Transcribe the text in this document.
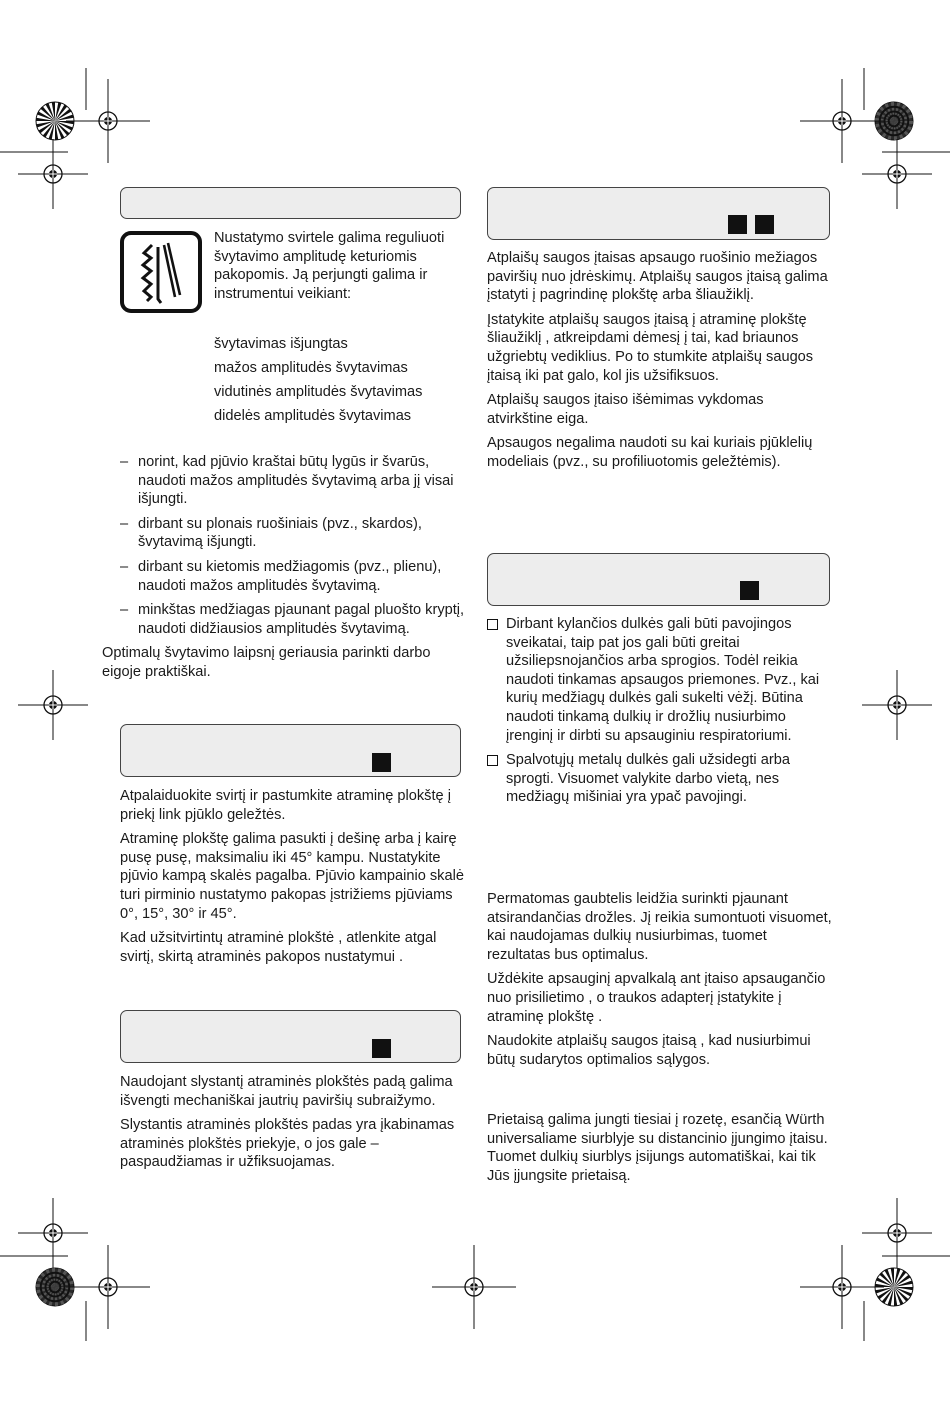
Nustatymo svirtele galima reguliuoti švytavimo amplitudę keturiomis pakopomis. Ją perjungti galima ir instrumentui veikiant:

švytavimas išjungtas
mažos amplitudės švytavimas
vidutinės amplitudės švytavimas
didelės amplitudės švytavimas
– norint, kad pjūvio kraštai būtų lygūs ir švarūs, naudoti mažos amplitudės švytavimą arba jį visai išjungti.
– dirbant su plonais ruošiniais (pvz., skardos), švytavimą išjungti.
– dirbant su kietomis medžiagomis (pvz., plienu), naudoti mažos amplitudės švytavimą.
– minkštas medžiagas pjaunant pagal pluošto kryptį, naudoti didžiausios amplitudės švytavimą.

Optimalų švytavimo laipsnį geriausia parinkti darbo eigoje praktiškai.

Atpalaiduokite svirtį ir pastumkite atraminę plokštę į priekį link pjūklo geležtės.

Atraminę plokštę galima pasukti į dešinę arba į kairę pusę pusę, maksimaliu iki 45° kampu. Nustatykite pjūvio kampą skalės pagalba. Pjūvio kampainio skalė turi pirminio nustatymo pakopas įstrižiems pjūviams 0°, 15°, 30° ir 45°.

Kad užsitvirtintų atraminė plokštė , atlenkite atgal svirtį, skirtą atraminės pakopos nustatymui .

Naudojant slystantį atraminės plokštės padą galima išvengti mechaniškai jautrių paviršių subraižymo.

Slystantis atraminės plokštės padas yra įkabinamas atraminės plokštės priekyje, o jos gale – paspaudžiamas ir užfiksuojamas.

Atplaišų saugos įtaisas apsaugo ruošinio mežiagos paviršių nuo įdrėskimų. Atplaišų saugos įtaisą galima įstatyti į pagrindinę plokštę arba šliaužiklį.

Įstatykite atplaišų saugos įtaisą į atraminę plokštę šliaužiklį , atkreipdami dėmesį į tai, kad briaunos užgriebtų vediklius. Po to stumkite atplaišų saugos įtaisą iki pat galo, kol jis užsifiksuos.

Atplaišų saugos įtaiso išėmimas vykdomas atvirkštine eiga.

Apsaugos negalima naudoti su kai kuriais pjūklelių modeliais (pvz., su profiliuotomis geležtėmis).

Dirbant kylančios dulkės gali būti pavojingos sveikatai, taip pat jos gali būti greitai užsiliepsnojančios arba sprogios. Todėl reikia naudoti tinkamas apsaugos priemones. Pvz., kai kurių medžiagų dulkės gali sukelti vėžį. Būtina naudoti tinkamą dulkių ir drožlių nusiurbimo įrenginį ir dirbti su apsauginiu respiratoriumi.
Spalvotųjų metalų dulkės gali užsidegti arba sprogti. Visuomet valykite darbo vietą, nes medžiagų mišiniai yra ypač pavojingi.

Permatomas gaubtelis leidžia surinkti pjaunant atsirandančias drožles. Jį reikia sumontuoti visuomet, kai naudojamas dulkių nusiurbimas, tuomet rezultatas bus optimalus.

Uždėkite apsauginį apvalkalą ant įtaiso apsaugančio nuo prisilietimo , o traukos adapterį įstatykite į atraminę plokštę .

Naudokite atplaišų saugos įtaisą , kad nusiurbimui būtų sudarytos optimalios sąlygos.

Prietaisą galima jungti tiesiai į rozetę, esančią Würth universaliame siurblyje su distancinio įjungimo įtaisu. Tuomet dulkių siurblys įsijungs automatiškai, kai tik Jūs įjungsite prietaisą.
